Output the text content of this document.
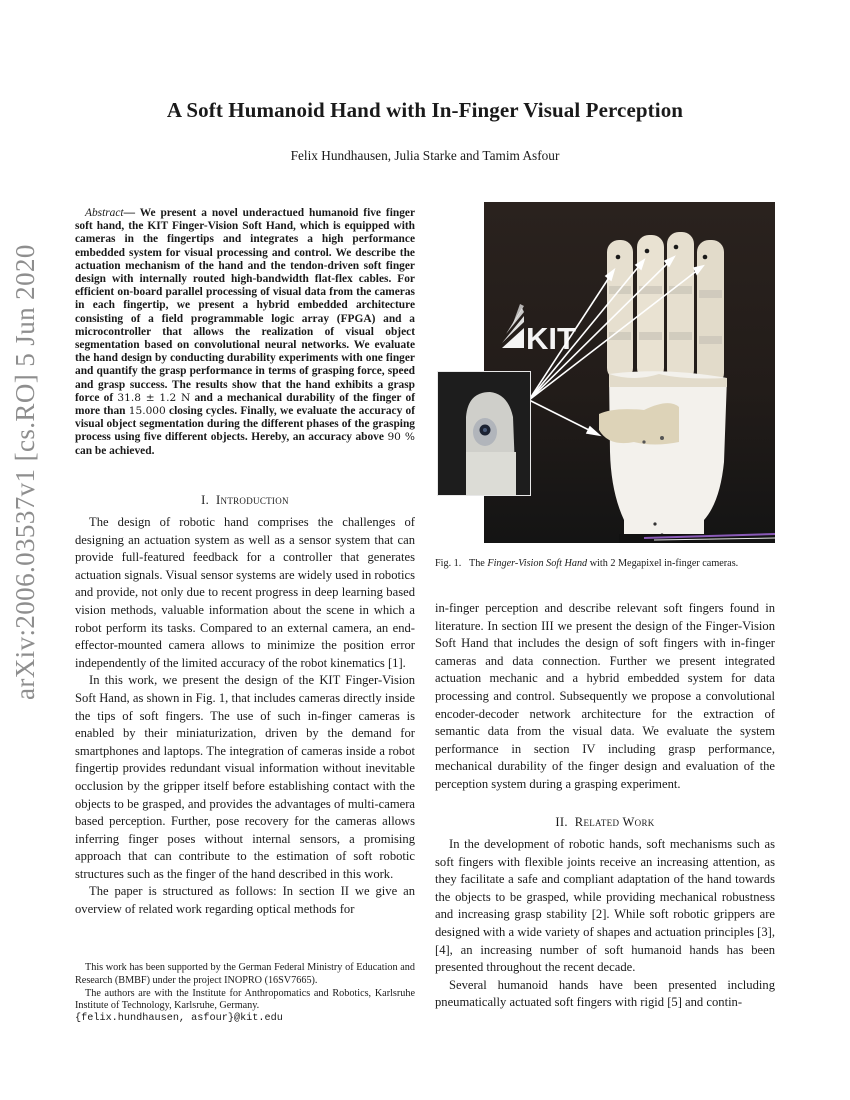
A Soft Humanoid Hand with In-Finger Visual Perception
Felix Hundhausen, Julia Starke and Tamim Asfour
arXiv:2006.03537v1 [cs.RO] 5 Jun 2020

Abstract— We present a novel underactued humanoid five finger soft hand, the KIT Finger-Vision Soft Hand, which is equipped with cameras in the fingertips and integrates a high performance embedded system for visual processing and control. We describe the actuation mechanism of the hand and the tendon-driven soft finger design with internally routed high-bandwidth flat-flex cables. For efficient on-board parallel processing of visual data from the cameras in each fingertip, we present a hybrid embedded architecture consisting of a field programmable logic array (FPGA) and a microcontroller that allows the realization of visual object segmentation based on convolutional neural networks. We evaluate the hand design by conducting durability experiments with one finger and quantify the grasp performance in terms of grasping force, speed and grasp success. The results show that the hand exhibits a grasp force of 31.8 ± 1.2 N and a mechanical durability of the finger of more than 15.000 closing cycles. Finally, we evaluate the accuracy of visual object segmentation during the different phases of the grasping process using five different objects. Hereby, an accuracy above 90 % can be achieved.

I. Introduction

The design of robotic hand comprises the challenges of designing an actuation system as well as a sensor system that can provide full-featured feedback for a controller that generates actuation signals. Visual sensor systems are widely used in robotics and provide, not only due to recent progress in deep learning based vision methods, valuable information about the scene in which a robot perform its tasks. Compared to an external camera, an end-effector-mounted camera allows to minimize the position error independently of the limited accuracy of the robot kinematics [1].

In this work, we present the design of the KIT Finger-Vision Soft Hand, as shown in Fig. 1, that includes cameras directly inside the tips of soft fingers. The use of such in-finger cameras is enabled by their miniaturization, driven by the demand for smartphones and laptops. The integration of cameras inside a robot fingertip provides redundant visual information without inevitable occlusion by the gripper itself before establishing contact with the objects to be grasped, and provides the advantages of multi-camera based perception. Further, pose recovery for the cameras allows inferring finger poses without internal sensors, a promising approach that can contribute to the estimation of soft robotic structures such as the finger of the hand described in this work.

The paper is structured as follows: In section II we give an overview of related work regarding optical methods for

This work has been supported by the German Federal Ministry of Education and Research (BMBF) under the project INOPRO (16SV7665).

The authors are with the Institute for Anthropomatics and Robotics, Karlsruhe Institute of Technology, Karlsruhe, Germany.

{felix.hundhausen, asfour}@kit.edu
KIT
Fig. 1. The Finger-Vision Soft Hand with 2 Megapixel in-finger cameras.

in-finger perception and describe relevant soft fingers found in literature. In section III we present the design of the Finger-Vision Soft Hand that includes the design of soft fingers with in-finger cameras and data connection. Further we present integrated actuation mechanic and a hybrid embedded system for data processing and control. Subsequently we propose a convolutional encoder-decoder network architecture for the extraction of semantic data from the visual data. We evaluate the system performance in section IV including grasp performance, mechanical durability of the finger design and evaluation of the perception system during a grasping experiment.

II. Related Work

In the development of robotic hands, soft mechanisms such as soft fingers with flexible joints receive an increasing attention, as they facilitate a safe and compliant adaptation of the hand towards the objects to be grasped, while providing mechanical robustness and increasing grasp stability [2]. While soft robotic grippers are designed with a wide variety of shapes and actuation principles [3], [4], an increasing number of soft humanoid hands has been presented throughout the recent decade.

Several humanoid hands have been presented including pneumatically actuated soft fingers with rigid [5] and contin-
